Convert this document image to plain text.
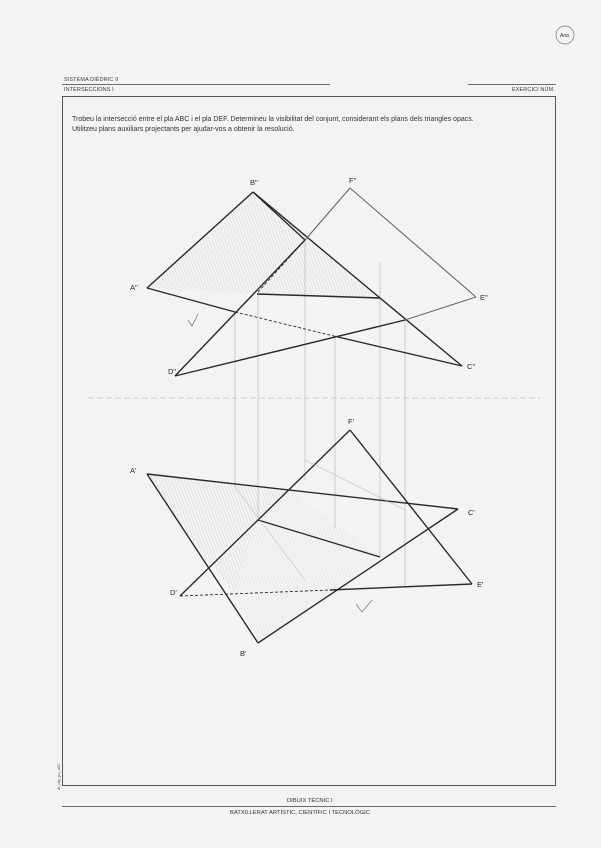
SISTEMA DIÈDRIC II
INTERSECCIONS I	EXERCICI NÚM.
Trobeu la intersecció entre el pla ABC i el pla DEF. Determineu la visibilitat del conjunt, considerant els plans dels triangles opacs.
Utilitzeu plans auxiliars projectants per ajudar-vos a obtenir la resolució.
Ana
A''
B''
C''
D''
E''
F''
A'
B'
C'
D'
E'
F'
dt_dip_pu_a02
DIBUIX TÈCNIC I
BATXILLERAT ARTÍSTIC, CIENTÍFIC I TECNOLÒGIC
